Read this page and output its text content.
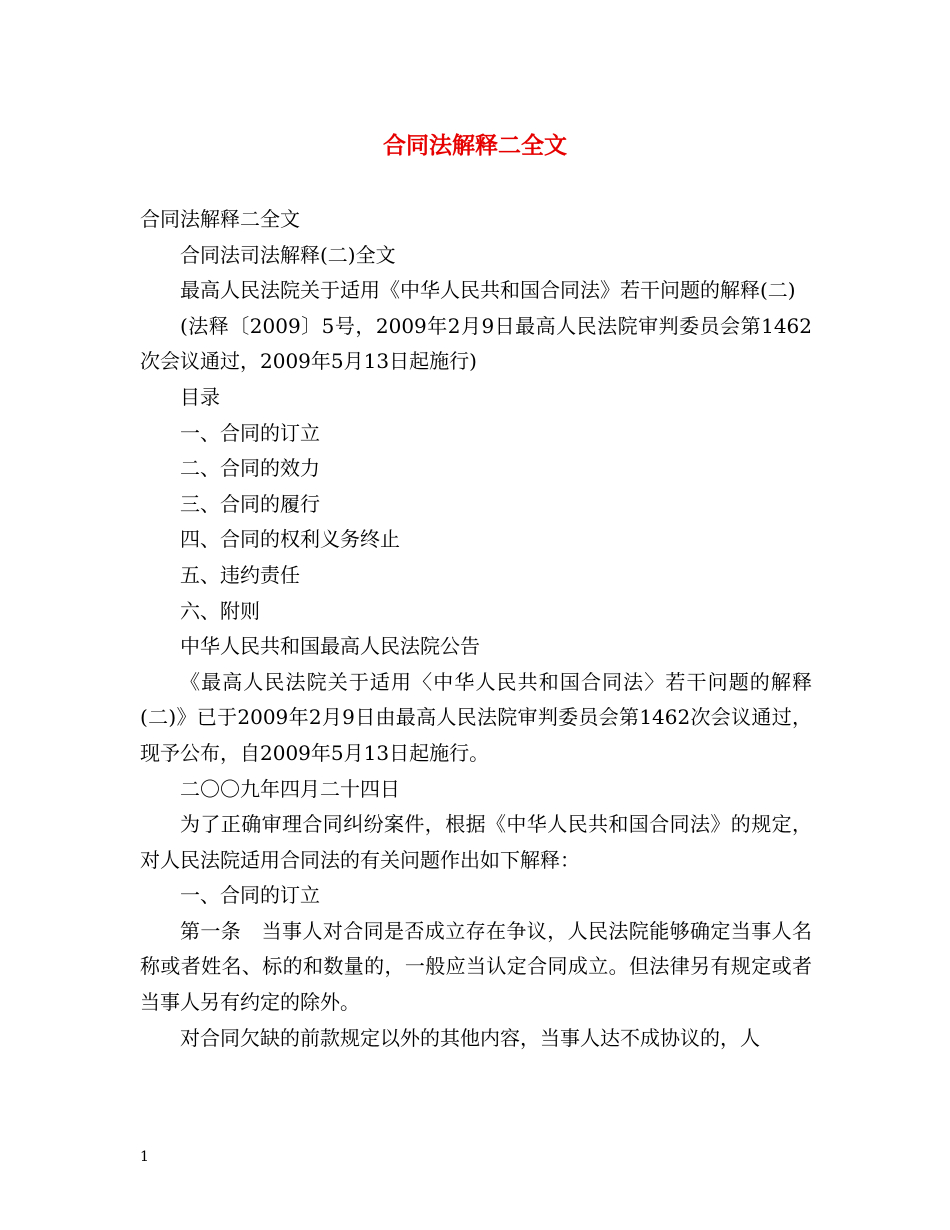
合同法解释二全文

合同法解释二全文

合同法司法解释(二)全文

最高人民法院关于适用《中华人民共和国合同法》若干问题的解释(二)

(法释〔2009〕5号，2009年2月9日最高人民法院审判委员会第1462次会议通过，2009年5月13日起施行)

目录

一、合同的订立

二、合同的效力

三、合同的履行

四、合同的权利义务终止

五、违约责任

六、附则

中华人民共和国最高人民法院公告

《最高人民法院关于适用〈中华人民共和国合同法〉若干问题的解释(二)》已于2009年2月9日由最高人民法院审判委员会第1462次会议通过，现予公布，自2009年5月13日起施行。

二〇〇九年四月二十四日

为了正确审理合同纠纷案件，根据《中华人民共和国合同法》的规定，对人民法院适用合同法的有关问题作出如下解释：

一、合同的订立

第一条　当事人对合同是否成立存在争议，人民法院能够确定当事人名称或者姓名、标的和数量的，一般应当认定合同成立。但法律另有规定或者当事人另有约定的除外。

对合同欠缺的前款规定以外的其他内容，当事人达不成协议的，人

1
